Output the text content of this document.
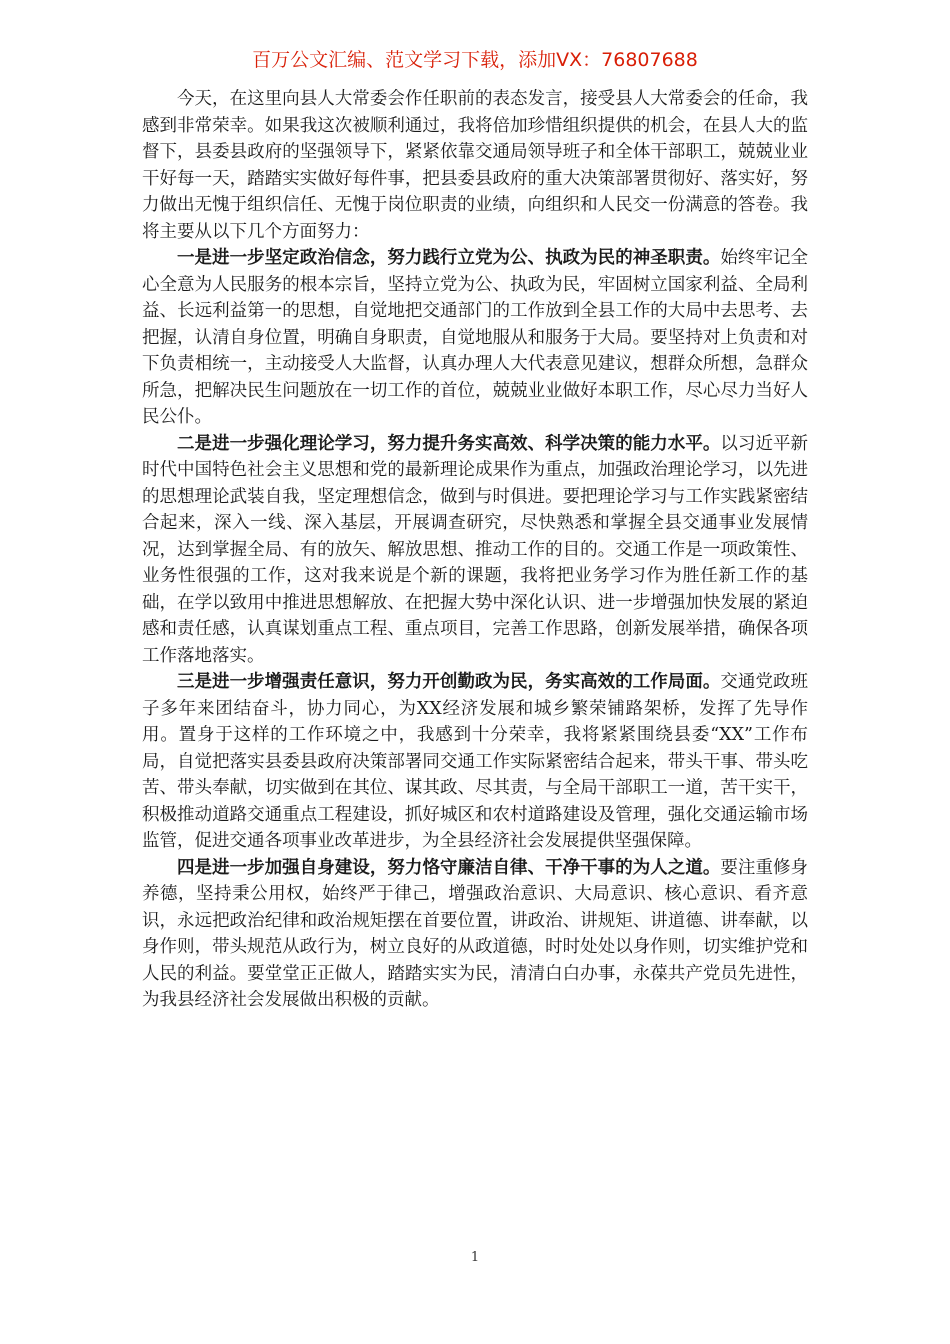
百万公文汇编、范文学习下载，添加VX：76807688

今天，在这里向县人大常委会作任职前的表态发言，接受县人大常委会的任命，我感到非常荣幸。如果我这次被顺利通过，我将倍加珍惜组织提供的机会，在县人大的监督下，县委县政府的坚强领导下，紧紧依靠交通局领导班子和全体干部职工，兢兢业业干好每一天，踏踏实实做好每件事，把县委县政府的重大决策部署贯彻好、落实好，努力做出无愧于组织信任、无愧于岗位职责的业绩，向组织和人民交一份满意的答卷。我将主要从以下几个方面努力：

一是进一步坚定政治信念，努力践行立党为公、执政为民的神圣职责。始终牢记全心全意为人民服务的根本宗旨，坚持立党为公、执政为民，牢固树立国家利益、全局利益、长远利益第一的思想，自觉地把交通部门的工作放到全县工作的大局中去思考、去把握，认清自身位置，明确自身职责，自觉地服从和服务于大局。要坚持对上负责和对下负责相统一，主动接受人大监督，认真办理人大代表意见建议，想群众所想，急群众所急，把解决民生问题放在一切工作的首位，兢兢业业做好本职工作，尽心尽力当好人民公仆。

二是进一步强化理论学习，努力提升务实高效、科学决策的能力水平。以习近平新时代中国特色社会主义思想和党的最新理论成果作为重点，加强政治理论学习，以先进的思想理论武装自我，坚定理想信念，做到与时俱进。要把理论学习与工作实践紧密结合起来，深入一线、深入基层，开展调查研究，尽快熟悉和掌握全县交通事业发展情况，达到掌握全局、有的放矢、解放思想、推动工作的目的。交通工作是一项政策性、业务性很强的工作，这对我来说是个新的课题，我将把业务学习作为胜任新工作的基础，在学以致用中推进思想解放、在把握大势中深化认识、进一步增强加快发展的紧迫感和责任感，认真谋划重点工程、重点项目，完善工作思路，创新发展举措，确保各项工作落地落实。

三是进一步增强责任意识，努力开创勤政为民，务实高效的工作局面。交通党政班子多年来团结奋斗，协力同心，为XX经济发展和城乡繁荣铺路架桥，发挥了先导作用。置身于这样的工作环境之中，我感到十分荣幸，我将紧紧围绕县委“XX”工作布局，自觉把落实县委县政府决策部署同交通工作实际紧密结合起来，带头干事、带头吃苦、带头奉献，切实做到在其位、谋其政、尽其责，与全局干部职工一道，苦干实干，积极推动道路交通重点工程建设，抓好城区和农村道路建设及管理，强化交通运输市场监管，促进交通各项事业改革进步，为全县经济社会发展提供坚强保障。

四是进一步加强自身建设，努力恪守廉洁自律、干净干事的为人之道。要注重修身养德，坚持秉公用权，始终严于律己，增强政治意识、大局意识、核心意识、看齐意识，永远把政治纪律和政治规矩摆在首要位置，讲政治、讲规矩、讲道德、讲奉献，以身作则，带头规范从政行为，树立良好的从政道德，时时处处以身作则，切实维护党和人民的利益。要堂堂正正做人，踏踏实实为民，清清白白办事，永葆共产党员先进性，为我县经济社会发展做出积极的贡献。

1
